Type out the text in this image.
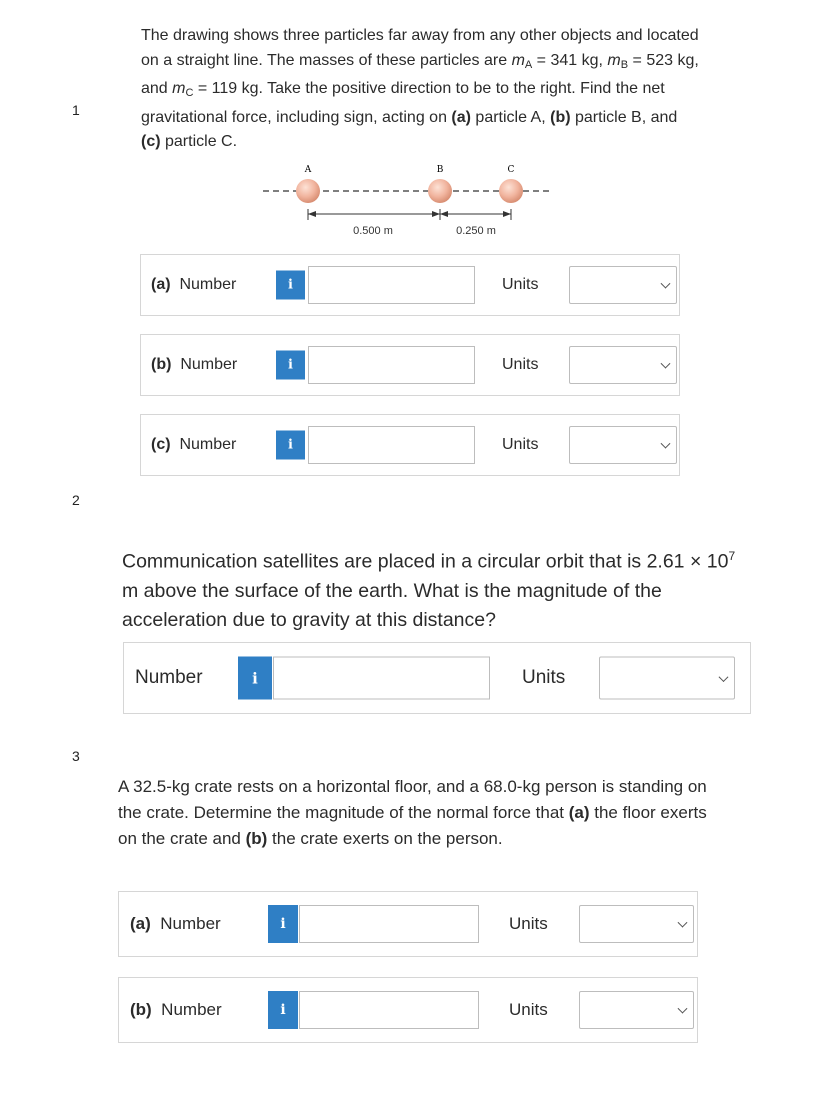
1
The drawing shows three particles far away from any other objects and located on a straight line. The masses of these particles are $m_A = 341$ kg, $m_B = 523$ kg, and $m_C = 119$ kg. Take the positive direction to be to the right. Find the net gravitational force, including sign, acting on (a) particle A, (b) particle B, and (c) particle C.
A	B	C
0.500 m	0.250 m
(a) Number	i	Units
(b) Number	i	Units
(c) Number	i	Units
2
Communication satellites are placed in a circular orbit that is $2.61 \times 10^7$ m above the surface of the earth. What is the magnitude of the acceleration due to gravity at this distance?
Number	i	Units
3
A 32.5-kg crate rests on a horizontal floor, and a 68.0-kg person is standing on the crate. Determine the magnitude of the normal force that (a) the floor exerts on the crate and (b) the crate exerts on the person.
(a) Number	i	Units
(b) Number	i	Units
